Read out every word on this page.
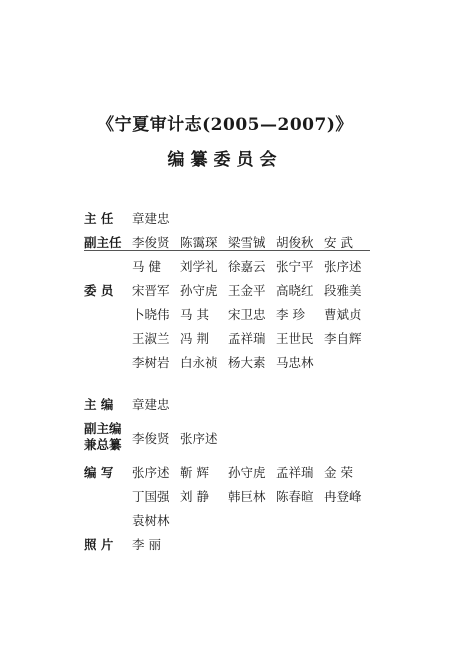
《宁夏审计志(2005—2007)》
编纂委员会
主 任 章建忠
副主任 李俊贤 陈霭琛 梁雪铖 胡俊秋 安 武
马 健 刘学礼 徐嘉云 张宁平 张序述
委 员 宋晋军 孙守虎 王金平 高晓红 段雅美
卜晓伟 马 其 宋卫忠 李 珍 曹斌贞
王淑兰 冯 荆 孟祥瑞 王世民 李自辉
李树岩 白永祯 杨大素 马忠林
主 编 章建忠
副主编
兼总纂 李俊贤 张序述
编 写 张序述 靳 辉 孙守虎 孟祥瑞 金 荣
丁国强 刘 静 韩巨林 陈春暄 冉登峰
袁树林
照 片 李 丽
